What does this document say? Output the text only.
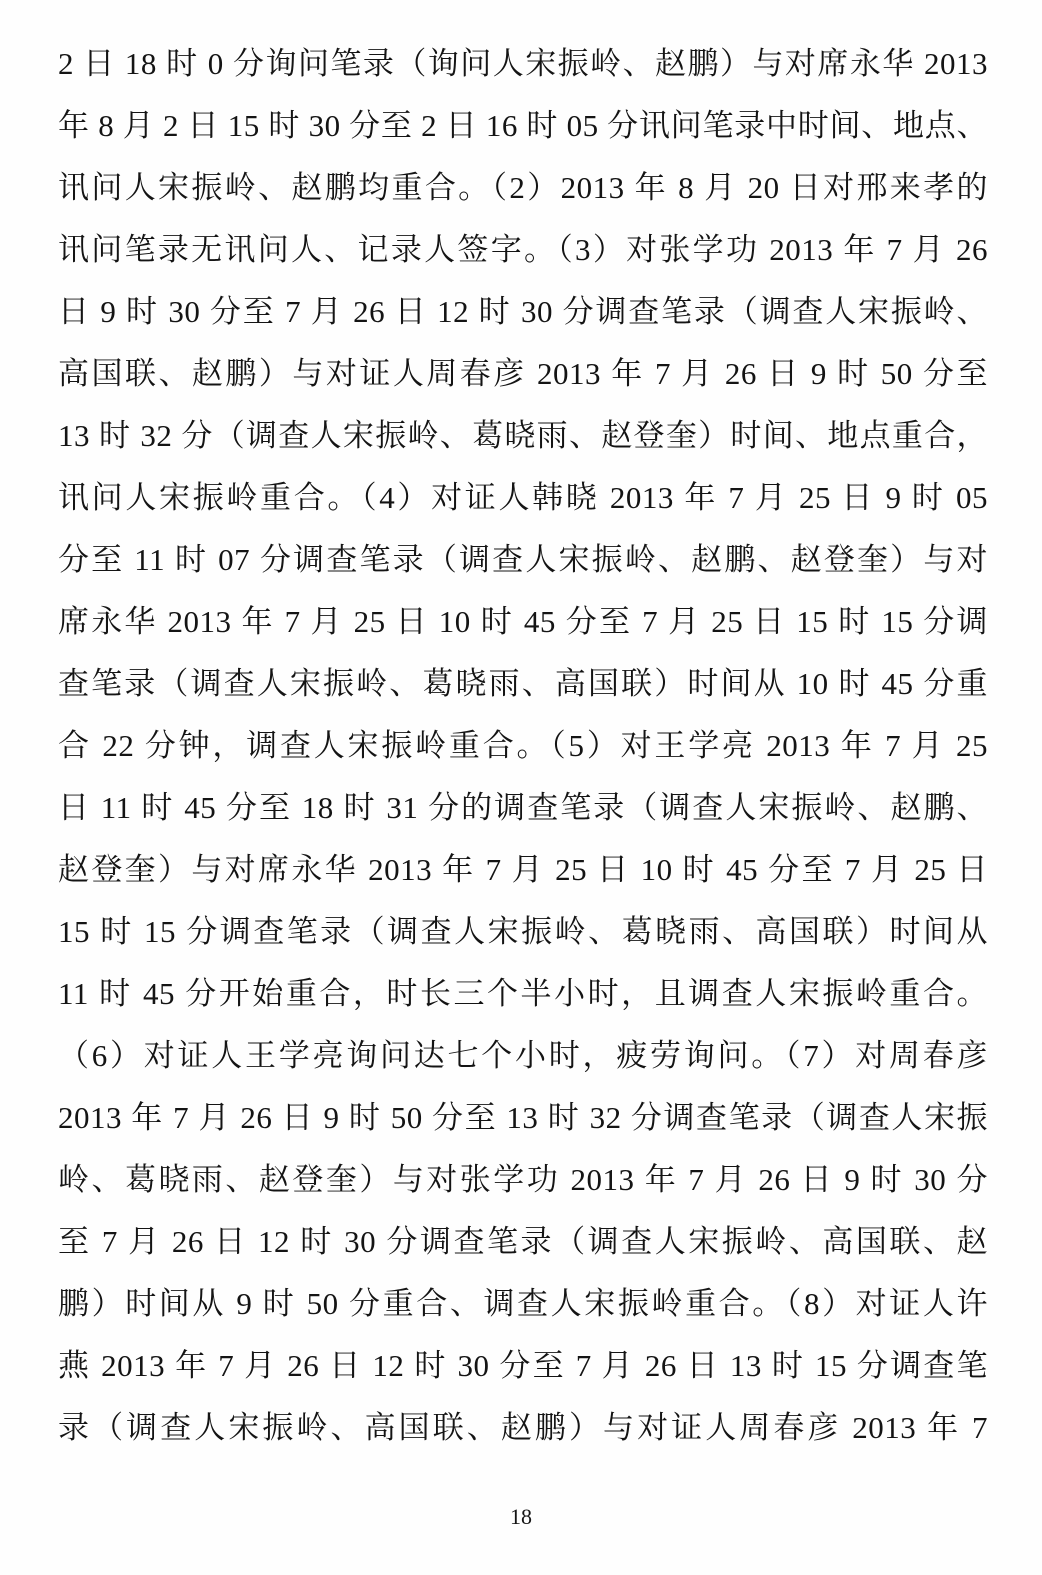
2 日 18 时 0 分询问笔录（询问人宋振岭、赵鹏）与对席永华 2013
年 8 月 2 日 15 时 30 分至 2 日 16 时 05 分讯问笔录中时间、地点、
讯问人宋振岭、赵鹏均重合。（2）2013 年 8 月 20 日对邢来孝的
讯问笔录无讯问人、记录人签字。（3）对张学功 2013 年 7 月 26
日 9 时 30 分至 7 月 26 日 12 时 30 分调查笔录（调查人宋振岭、
高国联、赵鹏）与对证人周春彦 2013 年 7 月 26 日 9 时 50 分至
13 时 32 分（调查人宋振岭、葛晓雨、赵登奎）时间、地点重合，
讯问人宋振岭重合。（4）对证人韩晓 2013 年 7 月 25 日 9 时 05
分至 11 时 07 分调查笔录（调查人宋振岭、赵鹏、赵登奎）与对
席永华 2013 年 7 月 25 日 10 时 45 分至 7 月 25 日 15 时 15 分调
查笔录（调查人宋振岭、葛晓雨、高国联）时间从 10 时 45 分重
合 22 分钟，调查人宋振岭重合。（5）对王学亮 2013 年 7 月 25
日 11 时 45 分至 18 时 31 分的调查笔录（调查人宋振岭、赵鹏、
赵登奎）与对席永华 2013 年 7 月 25 日 10 时 45 分至 7 月 25 日
15 时 15 分调查笔录（调查人宋振岭、葛晓雨、高国联）时间从
11 时 45 分开始重合，时长三个半小时，且调查人宋振岭重合。
（6）对证人王学亮询问达七个小时，疲劳询问。（7）对周春彦
2013 年 7 月 26 日 9 时 50 分至 13 时 32 分调查笔录（调查人宋振
岭、葛晓雨、赵登奎）与对张学功 2013 年 7 月 26 日 9 时 30 分
至 7 月 26 日 12 时 30 分调查笔录（调查人宋振岭、高国联、赵
鹏）时间从 9 时 50 分重合、调查人宋振岭重合。（8）对证人许
燕 2013 年 7 月 26 日 12 时 30 分至 7 月 26 日 13 时 15 分调查笔
录（调查人宋振岭、高国联、赵鹏）与对证人周春彦 2013 年 7
18
